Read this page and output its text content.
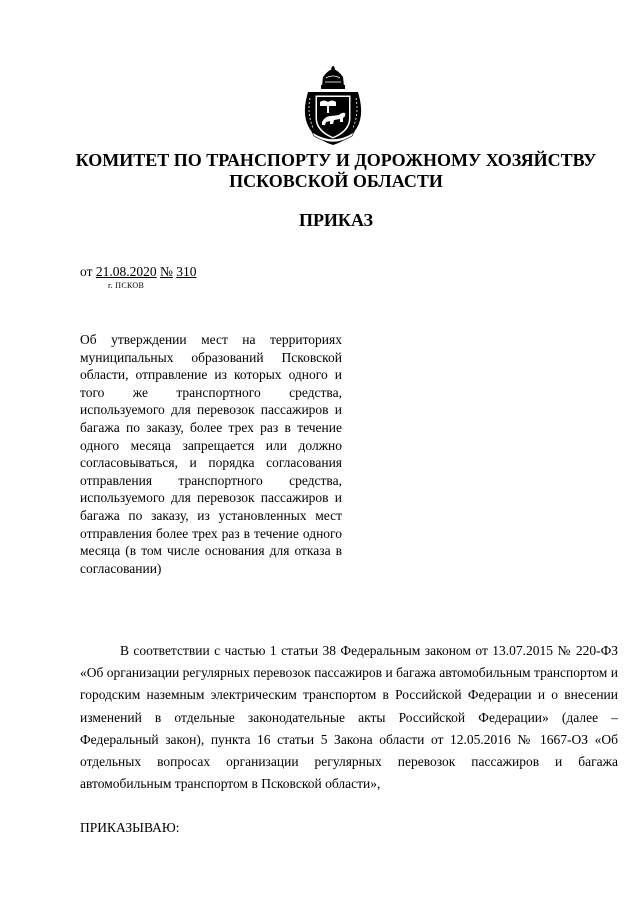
КОМИТЕТ ПО ТРАНСПОРТУ И ДОРОЖНОМУ ХОЗЯЙСТВУ
ПСКОВСКОЙ ОБЛАСТИ
ПРИКАЗ
от 21.08.2020 № 310
г. ПСКОВ
Об утверждении мест на территориях муниципальных образований Псковской области, отправление из которых одного и того же транспортного средства, используемого для перевозок пассажиров и багажа по заказу, более трех раз в течение одного месяца запрещается или должно согласовываться, и порядка согласования отправления транспортного средства, используемого для перевозок пассажиров и багажа по заказу, из установленных мест отправления более трех раз в течение одного месяца (в том числе основания для отказа в согласовании)

В соответствии с частью 1 статьи 38 Федеральным законом от 13.07.2015 № 220-ФЗ «Об организации регулярных перевозок пассажиров и багажа автомобильным транспортом и городским наземным электрическим транспортом в Российской Федерации и о внесении изменений в отдельные законодательные акты Российской Федерации» (далее – Федеральный закон), пункта 16 статьи 5 Закона области от 12.05.2016 № 1667-ОЗ «Об отдельных вопросах организации регулярных перевозок пассажиров и багажа автомобильным транспортом в Псковской области»,

ПРИКАЗЫВАЮ:
